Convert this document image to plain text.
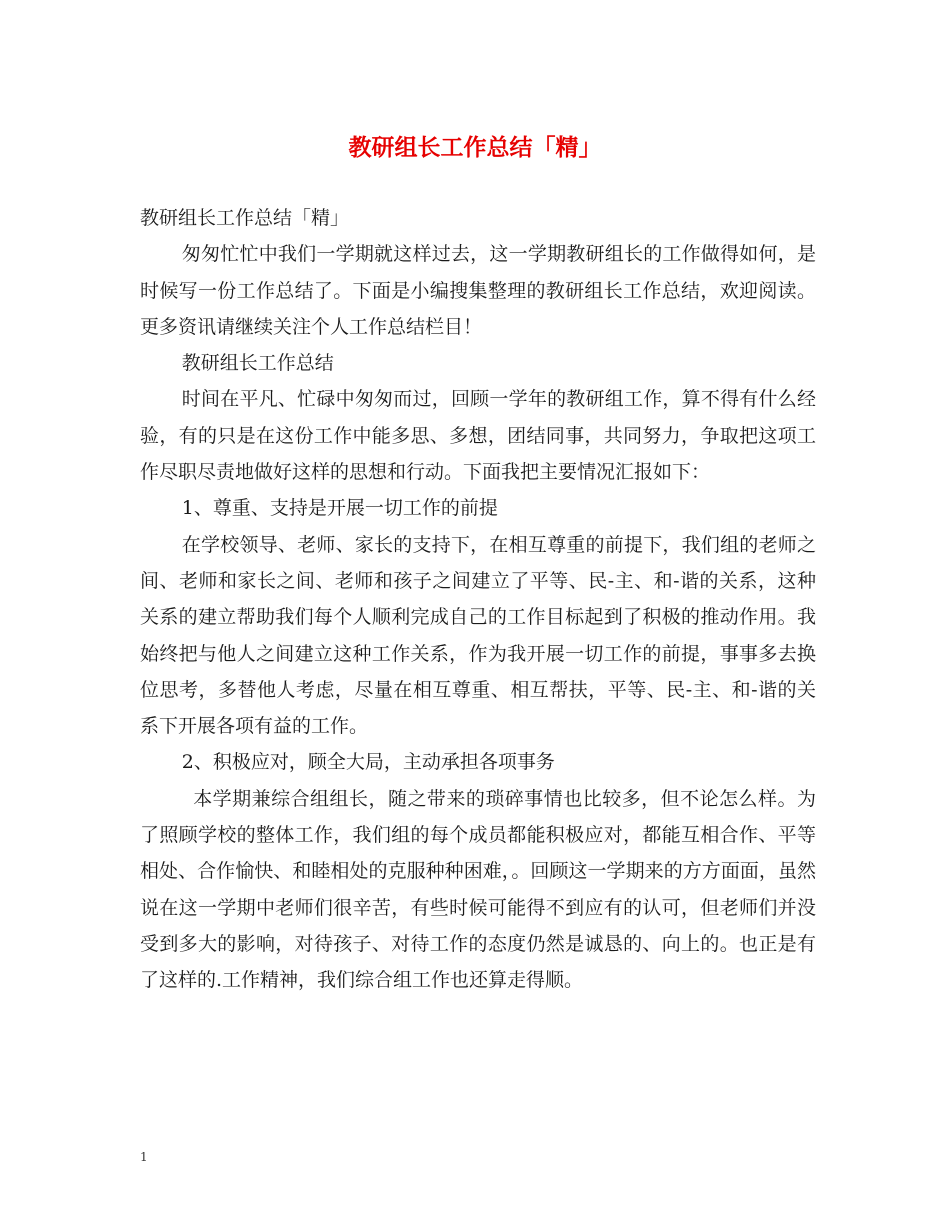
教研组长工作总结「精」

教研组长工作总结「精」

匆匆忙忙中我们一学期就这样过去，这一学期教研组长的工作做得如何，是时候写一份工作总结了。下面是小编搜集整理的教研组长工作总结，欢迎阅读。更多资讯请继续关注个人工作总结栏目！

教研组长工作总结

时间在平凡、忙碌中匆匆而过，回顾一学年的教研组工作，算不得有什么经验，有的只是在这份工作中能多思、多想，团结同事，共同努力，争取把这项工作尽职尽责地做好这样的思想和行动。下面我把主要情况汇报如下：

1、尊重、支持是开展一切工作的前提

在学校领导、老师、家长的支持下，在相互尊重的前提下，我们组的老师之间、老师和家长之间、老师和孩子之间建立了平等、民-主、和-谐的关系，这种关系的建立帮助我们每个人顺利完成自己的工作目标起到了积极的推动作用。我始终把与他人之间建立这种工作关系，作为我开展一切工作的前提，事事多去换位思考，多替他人考虑，尽量在相互尊重、相互帮扶，平等、民-主、和-谐的关系下开展各项有益的工作。

2、积极应对，顾全大局，主动承担各项事务

本学期兼综合组组长，随之带来的琐碎事情也比较多，但不论怎么样。为了照顾学校的整体工作，我们组的每个成员都能积极应对，都能互相合作、平等相处、合作愉快、和睦相处的克服种种困难，。回顾这一学期来的方方面面，虽然说在这一学期中老师们很辛苦，有些时候可能得不到应有的认可，但老师们并没受到多大的影响，对待孩子、对待工作的态度仍然是诚恳的、向上的。也正是有了这样的.工作精神，我们综合组工作也还算走得顺。

1
